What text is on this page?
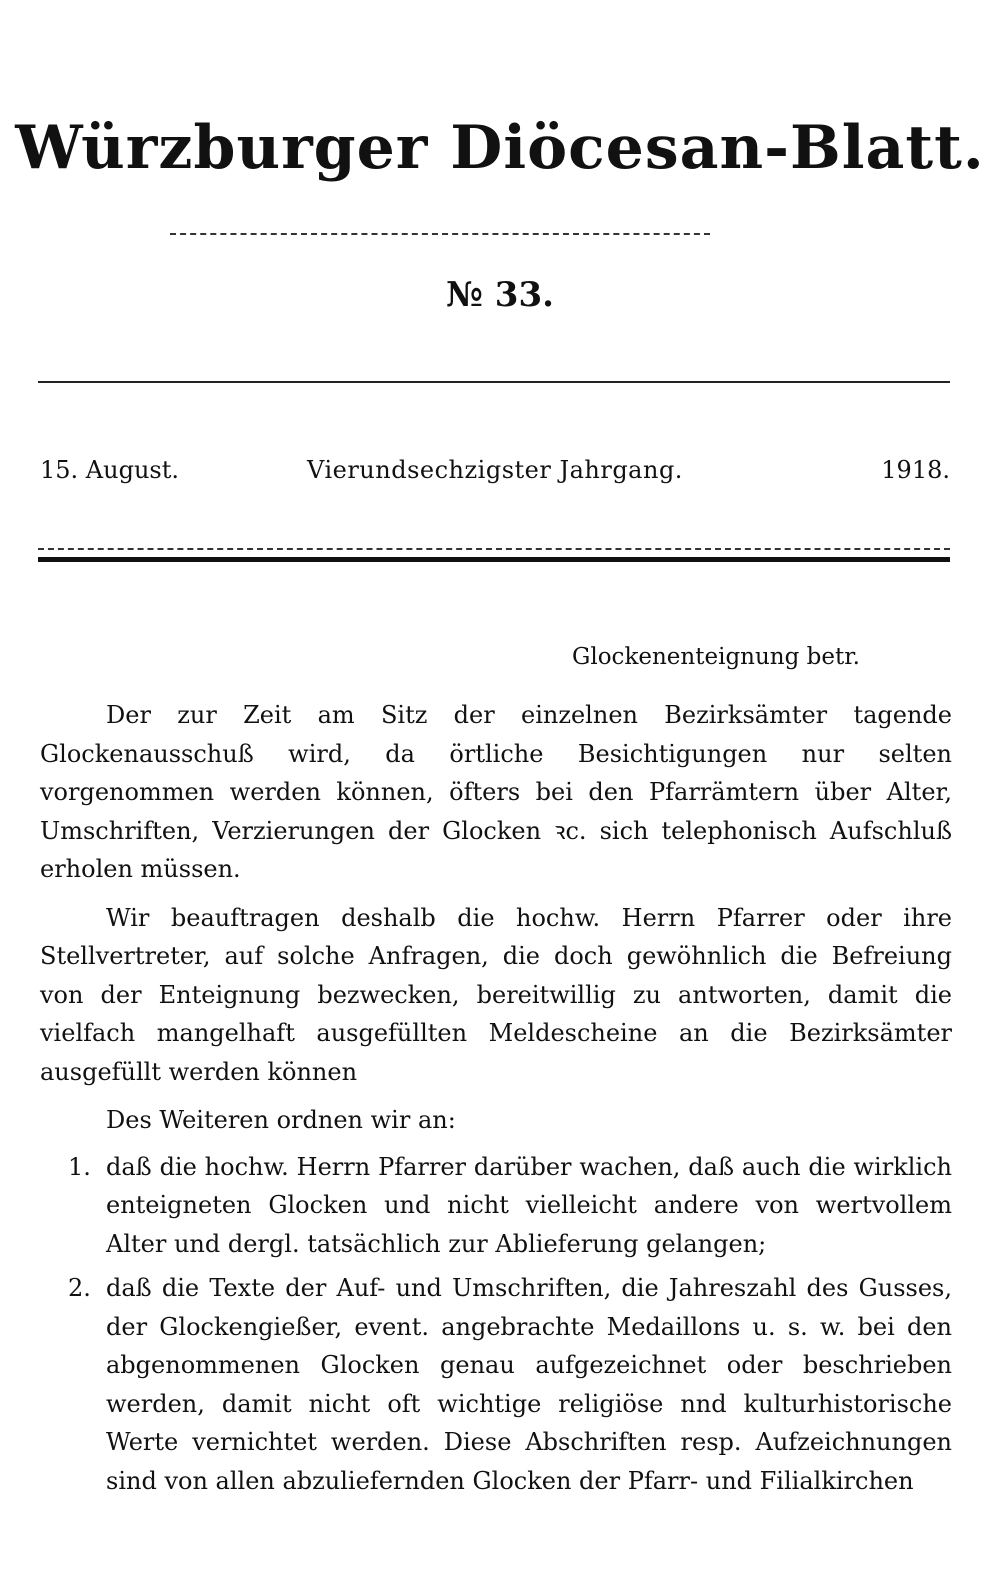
Würzburger Diöcesan-Blatt.
№ 33.
Vierundsechzigster Jahrgang.
15. August.	1918.
Glockenenteignung betr.

Der zur Zeit am Sitz der einzelnen Bezirksämter tagende Glockenausschuß wird, da örtliche Besichtigungen nur selten vorgenommen werden können, öfters bei den Pfarrämtern über Alter, Umschriften, Verzierungen der Glocken ꝛc. sich telephonisch Aufschluß erholen müssen.

Wir beauftragen deshalb die hochw. Herrn Pfarrer oder ihre Stellvertreter, auf solche Anfragen, die doch gewöhnlich die Befreiung von der Enteignung bezwecken, bereitwillig zu antworten, damit die vielfach mangelhaft ausgefüllten Meldescheine an die Bezirksämter ausgefüllt werden können

Des Weiteren ordnen wir an:

1. daß die hochw. Herrn Pfarrer darüber wachen, daß auch die wirklich enteigneten Glocken und nicht vielleicht andere von wertvollem Alter und dergl. tatsächlich zur Ablieferung gelangen;
2. daß die Texte der Auf- und Umschriften, die Jahreszahl des Gusses, der Glockengießer, event. angebrachte Medaillons u. s. w. bei den abgenommenen Glocken genau aufgezeichnet oder beschrieben werden, damit nicht oft wichtige religiöse nnd kulturhistorische Werte vernichtet werden. Diese Abschriften resp. Aufzeichnungen sind von allen abzuliefernden Glocken der Pfarr- und Filialkirchen
